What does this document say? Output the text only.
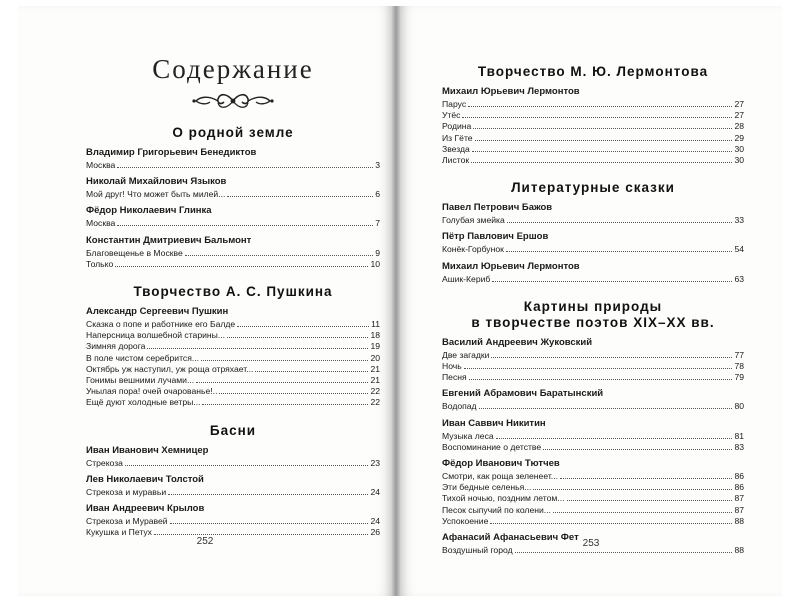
Содержание
О родной земле
Владимир Григорьевич Бенедиктов
Москва	3
Николай Михайлович Языков
Мой друг! Что может быть милей...	6
Фёдор Николаевич Глинка
Москва	7
Константин Дмитриевич Бальмонт
Благовещенье в Москве	9
Только	10
Творчество А. С. Пушкина
Александр Сергеевич Пушкин
Сказка о попе и работнике его Балде	11
Наперсница волшебной старины...	18
Зимняя дорога	19
В поле чистом серебрится...	20
Октябрь уж наступил, уж роща отряхает...	21
Гонимы вешними лучами...	21
Унылая пора! очей очарованье!..	22
Ещё дуют холодные ветры...	22
Басни
Иван Иванович Хемницер
Стрекоза	23
Лев Николаевич Толстой
Стрекоза и муравьи	24
Иван Андреевич Крылов
Стрекоза и Муравей	24
Кукушка и Петух	26
252
Творчество М. Ю. Лермонтова
Михаил Юрьевич Лермонтов
Парус	27
Утёс	27
Родина	28
Из Гёте	29
Звезда	30
Листок	30
Литературные сказки
Павел Петрович Бажов
Голубая змейка	33
Пётр Павлович Ершов
Конёк-Горбунок	54
Михаил Юрьевич Лермонтов
Ашик-Кериб	63
Картины природы
в творчестве поэтов XIX–XX вв.
Василий Андреевич Жуковский
Две загадки	77
Ночь	78
Песня	79
Евгений Абрамович Баратынский
Водопад	80
Иван Саввич Никитин
Музыка леса	81
Воспоминание о детстве	83
Фёдор Иванович Тютчев
Смотри, как роща зеленеет...	86
Эти бедные селенья...	86
Тихой ночью, поздним летом...	87
Песок сыпучий по колени...	87
Успокоение	88
Афанасий Афанасьевич Фет
Воздушный город	88
253
